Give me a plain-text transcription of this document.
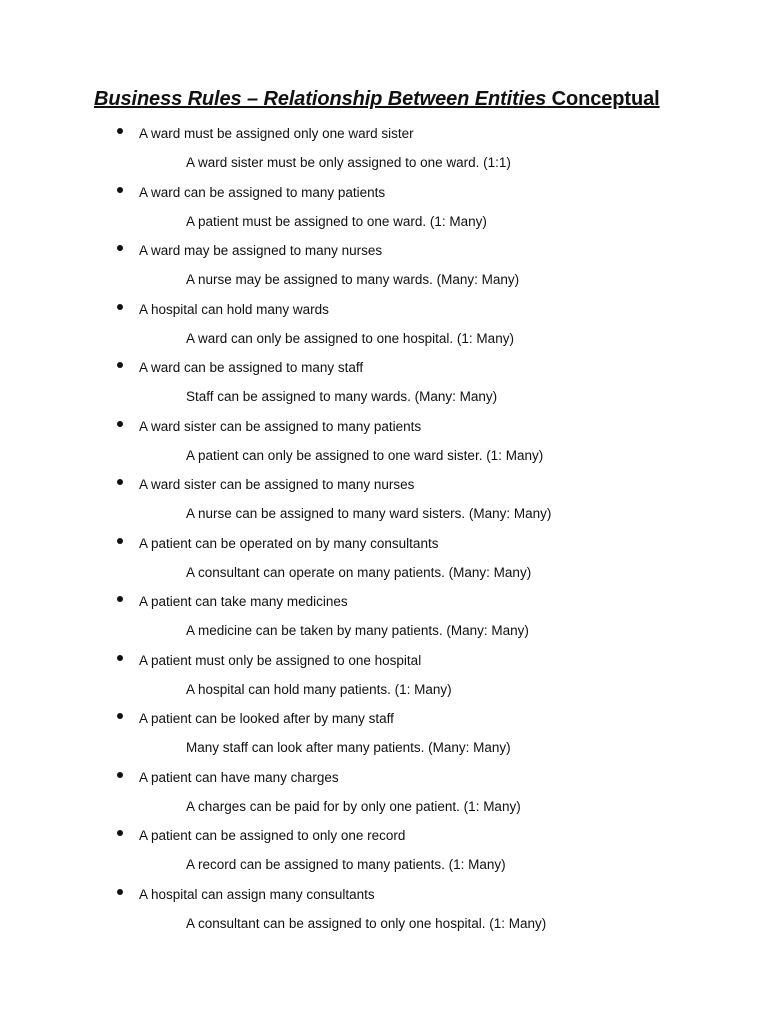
Business Rules – Relationship Between Entities Conceptual
A ward must be assigned only one ward sister
A ward sister must be only assigned to one ward. (1:1)
A ward can be assigned to many patients
A patient must be assigned to one ward. (1: Many)
A ward may be assigned to many nurses
A nurse may be assigned to many wards. (Many: Many)
A hospital can hold many wards
A ward can only be assigned to one hospital. (1: Many)
A ward can be assigned to many staff
Staff can be assigned to many wards. (Many: Many)
A ward sister can be assigned to many patients
A patient can only be assigned to one ward sister. (1: Many)
A ward sister can be assigned to many nurses
A nurse can be assigned to many ward sisters. (Many: Many)
A patient can be operated on by many consultants
A consultant can operate on many patients. (Many: Many)
A patient can take many medicines
A medicine can be taken by many patients. (Many: Many)
A patient must only be assigned to one hospital
A hospital can hold many patients. (1: Many)
A patient can be looked after by many staff
Many staff can look after many patients. (Many: Many)
A patient can have many charges
A charges can be paid for by only one patient. (1: Many)
A patient can be assigned to only one record
A record can be assigned to many patients. (1: Many)
A hospital can assign many consultants
A consultant can be assigned to only one hospital. (1: Many)
